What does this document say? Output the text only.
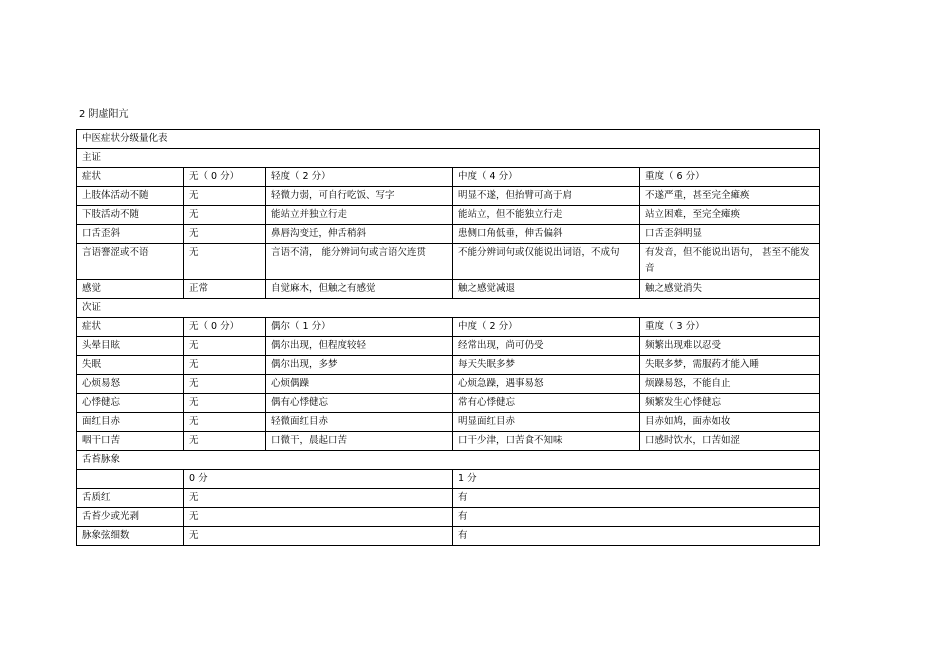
2 阴虚阳亢
中医症状分级量化表				
主证				
症状	无（ 0 分）	轻度（ 2 分）	中度（ 4 分）	重度（ 6 分）
上肢体活动不随	无	轻微力弱，可自行吃饭、写字	明显不遂，但抬臂可高于肩	不遂严重，甚至完全瘫痪
下肢活动不随	无	能站立并独立行走	能站立，但不能独立行走	站立困难，至完全瘫痪
口舌歪斜	无	鼻唇沟变迁，伸舌稍斜	患侧口角低垂，伸舌偏斜	口舌歪斜明显
言语謇涩或不语	无	言语不清， 能分辨词句或言语欠连贯	不能分辨词句或仅能说出词语，不成句	有发音，但不能说出语句， 甚至不能发音
感觉	正常	自觉麻木，但触之有感觉	触之感觉减退	触之感觉消失
次证				
症状	无（ 0 分）	偶尔（ 1 分）	中度（ 2 分）	重度（ 3 分）
头晕目眩	无	偶尔出现，但程度较轻	经常出现，尚可仍受	频繁出现难以忍受
失眠	无	偶尔出现，多梦	每天失眠多梦	失眠多梦，需服药才能入睡
心烦易怒	无	心烦偶躁	心烦急躁，遇事易怒	烦躁易怒，不能自止
心悸健忘	无	偶有心悸健忘	常有心悸健忘	频繁发生心悸健忘
面红目赤	无	轻微面红目赤	明显面红目赤	目赤如鸠，面赤如妆
咽干口苦	无	口微干，晨起口苦	口干少津，口苦食不知味	口感时饮水，口苦如涩
舌苔脉象				
	0 分		1 分	
舌质红	无		有	
舌苔少或光剥	无		有	
脉象弦细数	无		有	
